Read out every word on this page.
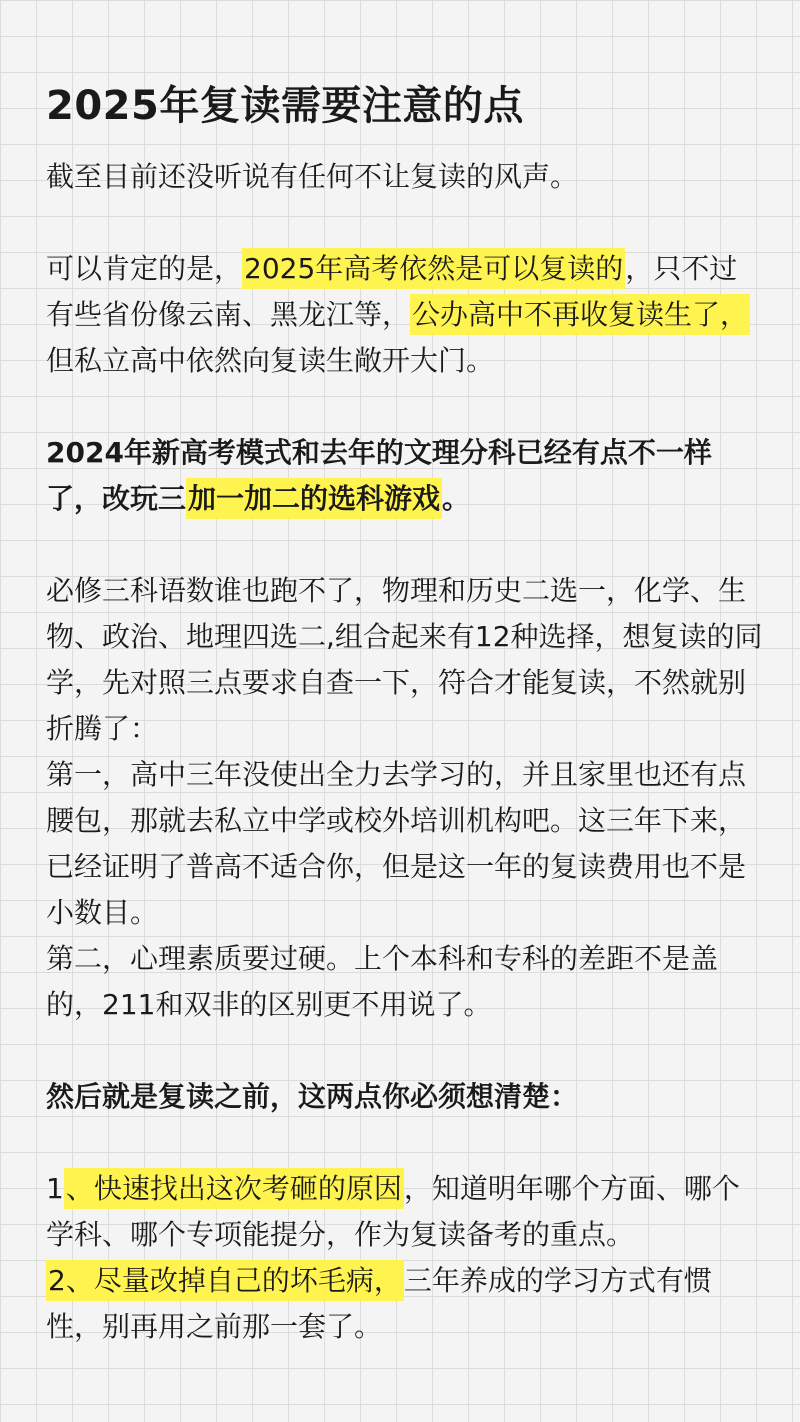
2025年复读需要注意的点

截至目前还没听说有任何不让复读的风声。

可以肯定的是，2025年高考依然是可以复读的，只不过有些省份像云南、黑龙江等，公办高中不再收复读生了，但私立高中依然向复读生敞开大门。

2024年新高考模式和去年的文理分科已经有点不一样了，改玩三加一加二的选科游戏。

必修三科语数谁也跑不了，物理和历史二选一，化学、生物、政治、地理四选二,组合起来有12种选择，想复读的同学，先对照三点要求自查一下，符合才能复读，不然就别折腾了：

第一，高中三年没使出全力去学习的，并且家里也还有点腰包，那就去私立中学或校外培训机构吧。这三年下来，已经证明了普高不适合你，但是这一年的复读费用也不是小数目。

第二，心理素质要过硬。上个本科和专科的差距不是盖的，211和双非的区别更不用说了。

然后就是复读之前，这两点你必须想清楚：

1、快速找出这次考砸的原因，知道明年哪个方面、哪个学科、哪个专项能提分，作为复读备考的重点。

2、尽量改掉自己的坏毛病，三年养成的学习方式有惯性，别再用之前那一套了。
